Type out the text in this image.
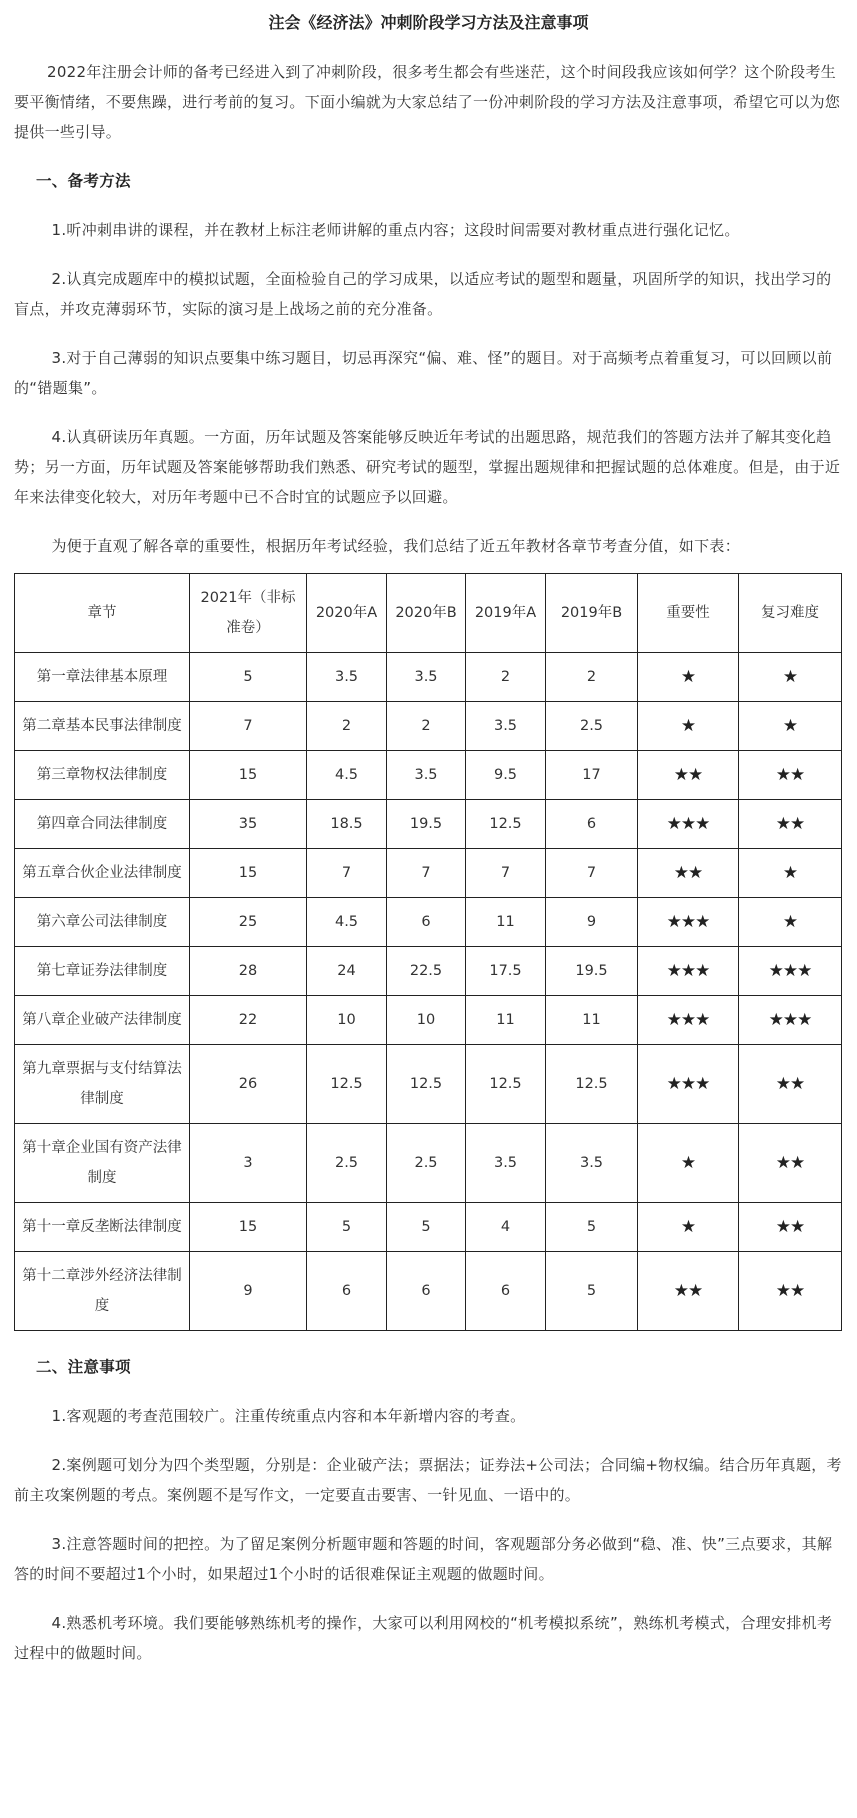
注会《经济法》冲刺阶段学习方法及注意事项

2022年注册会计师的备考已经进入到了冲刺阶段，很多考生都会有些迷茫，这个时间段我应该如何学？这个阶段考生要平衡情绪，不要焦躁，进行考前的复习。下面小编就为大家总结了一份冲刺阶段的学习方法及注意事项，希望它可以为您提供一些引导。

一、备考方法

1.听冲刺串讲的课程，并在教材上标注老师讲解的重点内容；这段时间需要对教材重点进行强化记忆。

2.认真完成题库中的模拟试题，全面检验自己的学习成果，以适应考试的题型和题量，巩固所学的知识，找出学习的盲点，并攻克薄弱环节，实际的演习是上战场之前的充分准备。

3.对于自己薄弱的知识点要集中练习题目，切忌再深究“偏、难、怪”的题目。对于高频考点着重复习，可以回顾以前的“错题集”。

4.认真研读历年真题。一方面，历年试题及答案能够反映近年考试的出题思路，规范我们的答题方法并了解其变化趋势；另一方面，历年试题及答案能够帮助我们熟悉、研究考试的题型，掌握出题规律和把握试题的总体难度。但是，由于近年来法律变化较大，对历年考题中已不合时宜的试题应予以回避。

为便于直观了解各章的重要性，根据历年考试经验，我们总结了近五年教材各章节考查分值，如下表：

章节	2021年（非标准卷）	2020年A	2020年B	2019年A	2019年B	重要性	复习难度
第一章法律基本原理	5	3.5	3.5	2	2	★	★
第二章基本民事法律制度	7	2	2	3.5	2.5	★	★
第三章物权法律制度	15	4.5	3.5	9.5	17	★★	★★
第四章合同法律制度	35	18.5	19.5	12.5	6	★★★	★★
第五章合伙企业法律制度	15	7	7	7	7	★★	★
第六章公司法律制度	25	4.5	6	11	9	★★★	★
第七章证券法律制度	28	24	22.5	17.5	19.5	★★★	★★★
第八章企业破产法律制度	22	10	10	11	11	★★★	★★★
第九章票据与支付结算法律制度	26	12.5	12.5	12.5	12.5	★★★	★★
第十章企业国有资产法律制度	3	2.5	2.5	3.5	3.5	★	★★
第十一章反垄断法律制度	15	5	5	4	5	★	★★
第十二章涉外经济法律制度	9	6	6	6	5	★★	★★

二、注意事项

1.客观题的考查范围较广。注重传统重点内容和本年新增内容的考查。

2.案例题可划分为四个类型题，分别是：企业破产法；票据法；证券法+公司法；合同编+物权编。结合历年真题，考前主攻案例题的考点。案例题不是写作文，一定要直击要害、一针见血、一语中的。

3.注意答题时间的把控。为了留足案例分析题审题和答题的时间，客观题部分务必做到“稳、准、快”三点要求，其解答的时间不要超过1个小时，如果超过1个小时的话很难保证主观题的做题时间。

4.熟悉机考环境。我们要能够熟练机考的操作，大家可以利用网校的“机考模拟系统”，熟练机考模式，合理安排机考过程中的做题时间。
